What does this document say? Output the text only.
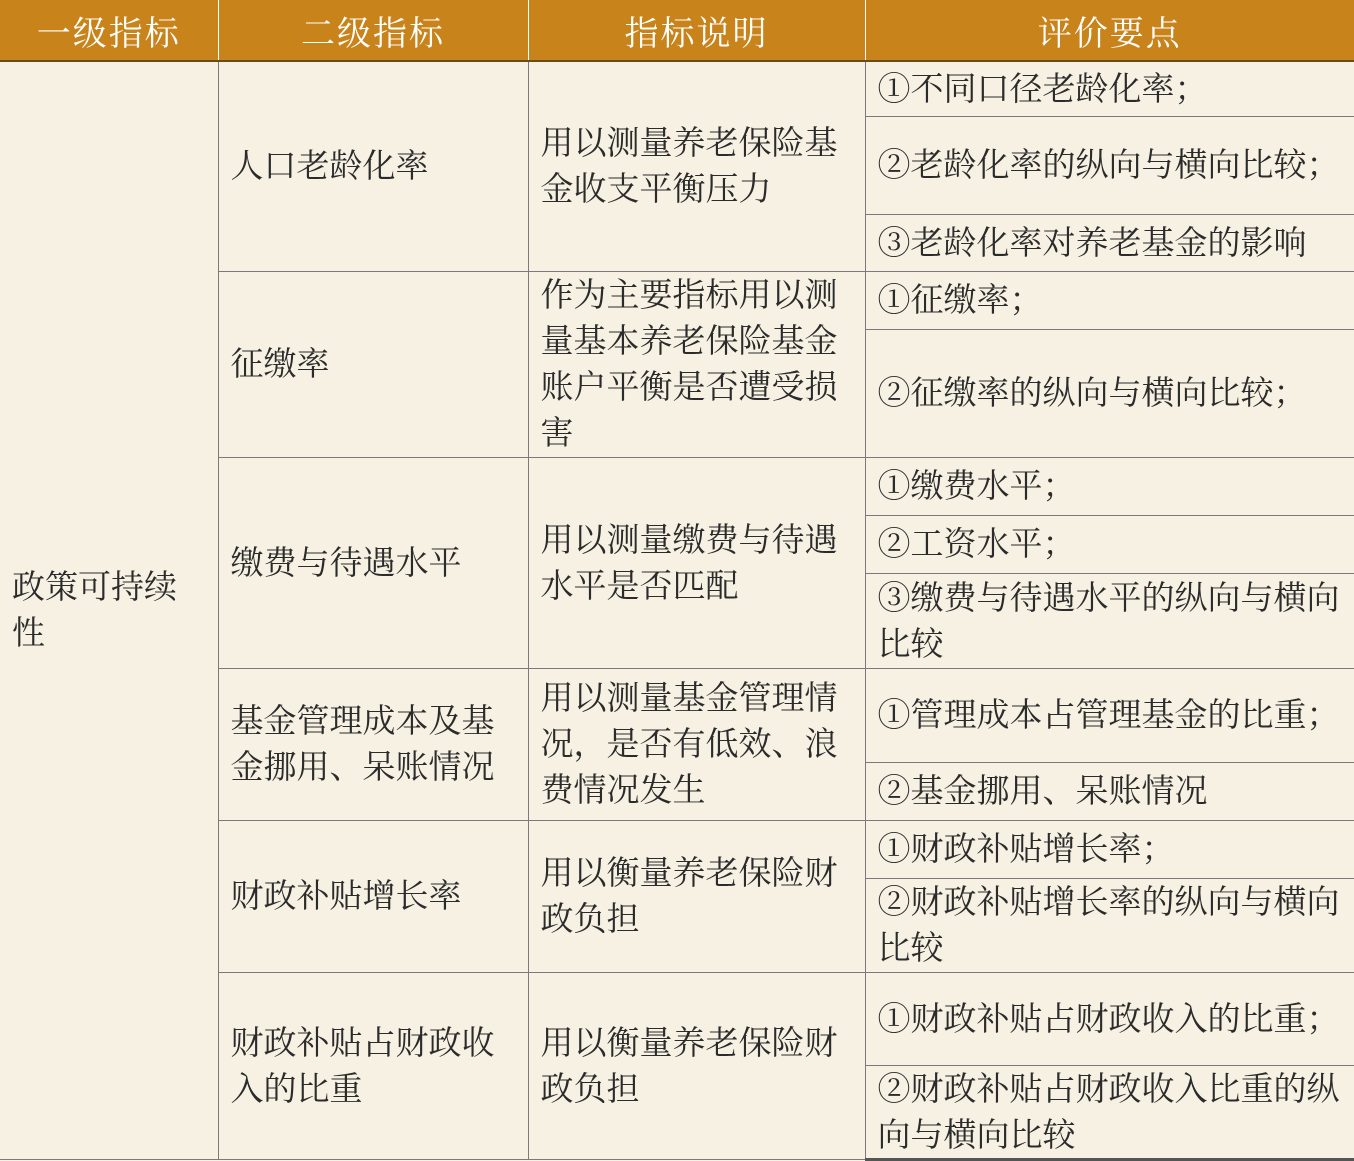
一级指标	二级指标	指标说明	评价要点
政策可持续性	人口老龄化率	用以测量养老保险基金收支平衡压力	①不同口径老龄化率；
			②老龄化率的纵向与横向比较；
			③老龄化率对养老基金的影响
	征缴率	作为主要指标用以测量基本养老保险基金账户平衡是否遭受损害	①征缴率；
			②征缴率的纵向与横向比较；
	缴费与待遇水平	用以测量缴费与待遇水平是否匹配	①缴费水平；
			②工资水平；
			③缴费与待遇水平的纵向与横向比较
	基金管理成本及基金挪用、呆账情况	用以测量基金管理情况，是否有低效、浪费情况发生	①管理成本占管理基金的比重；
			②基金挪用、呆账情况
	财政补贴增长率	用以衡量养老保险财政负担	①财政补贴增长率；
			②财政补贴增长率的纵向与横向比较
	财政补贴占财政收入的比重	用以衡量养老保险财政负担	①财政补贴占财政收入的比重；
			②财政补贴占财政收入比重的纵向与横向比较
